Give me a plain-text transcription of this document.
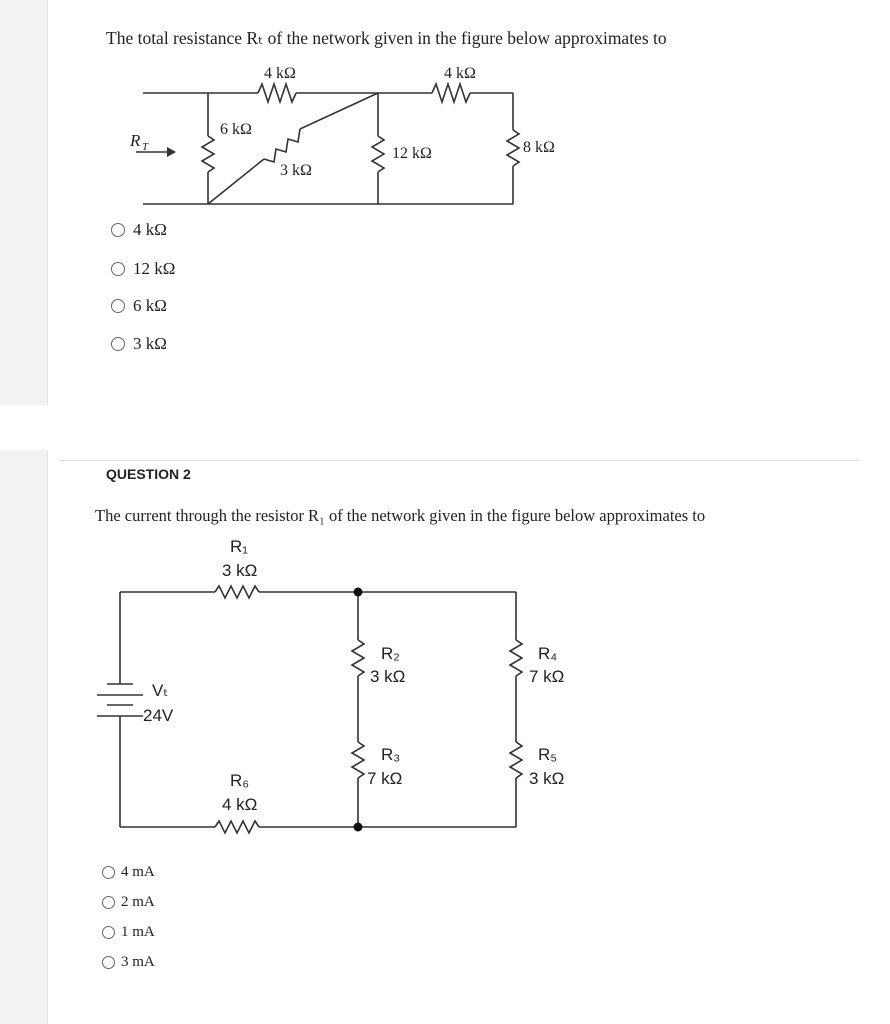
The total resistance Rₜ of the network given in the figure below approximates to
R T
4 kΩ	4 kΩ
6 kΩ
3 kΩ
12 kΩ	8 kΩ
4 kΩ
12 kΩ
6 kΩ
3 kΩ
QUESTION 2
The current through the resistor R₁ of the network given in the figure below approximates to
R₁
3 kΩ
R₂
3 kΩ
R₃
7 kΩ
R₄
7 kΩ
R₅
3 kΩ
R₆
4 kΩ
Vₜ
24V
4 mA
2 mA
1 mA
3 mA
